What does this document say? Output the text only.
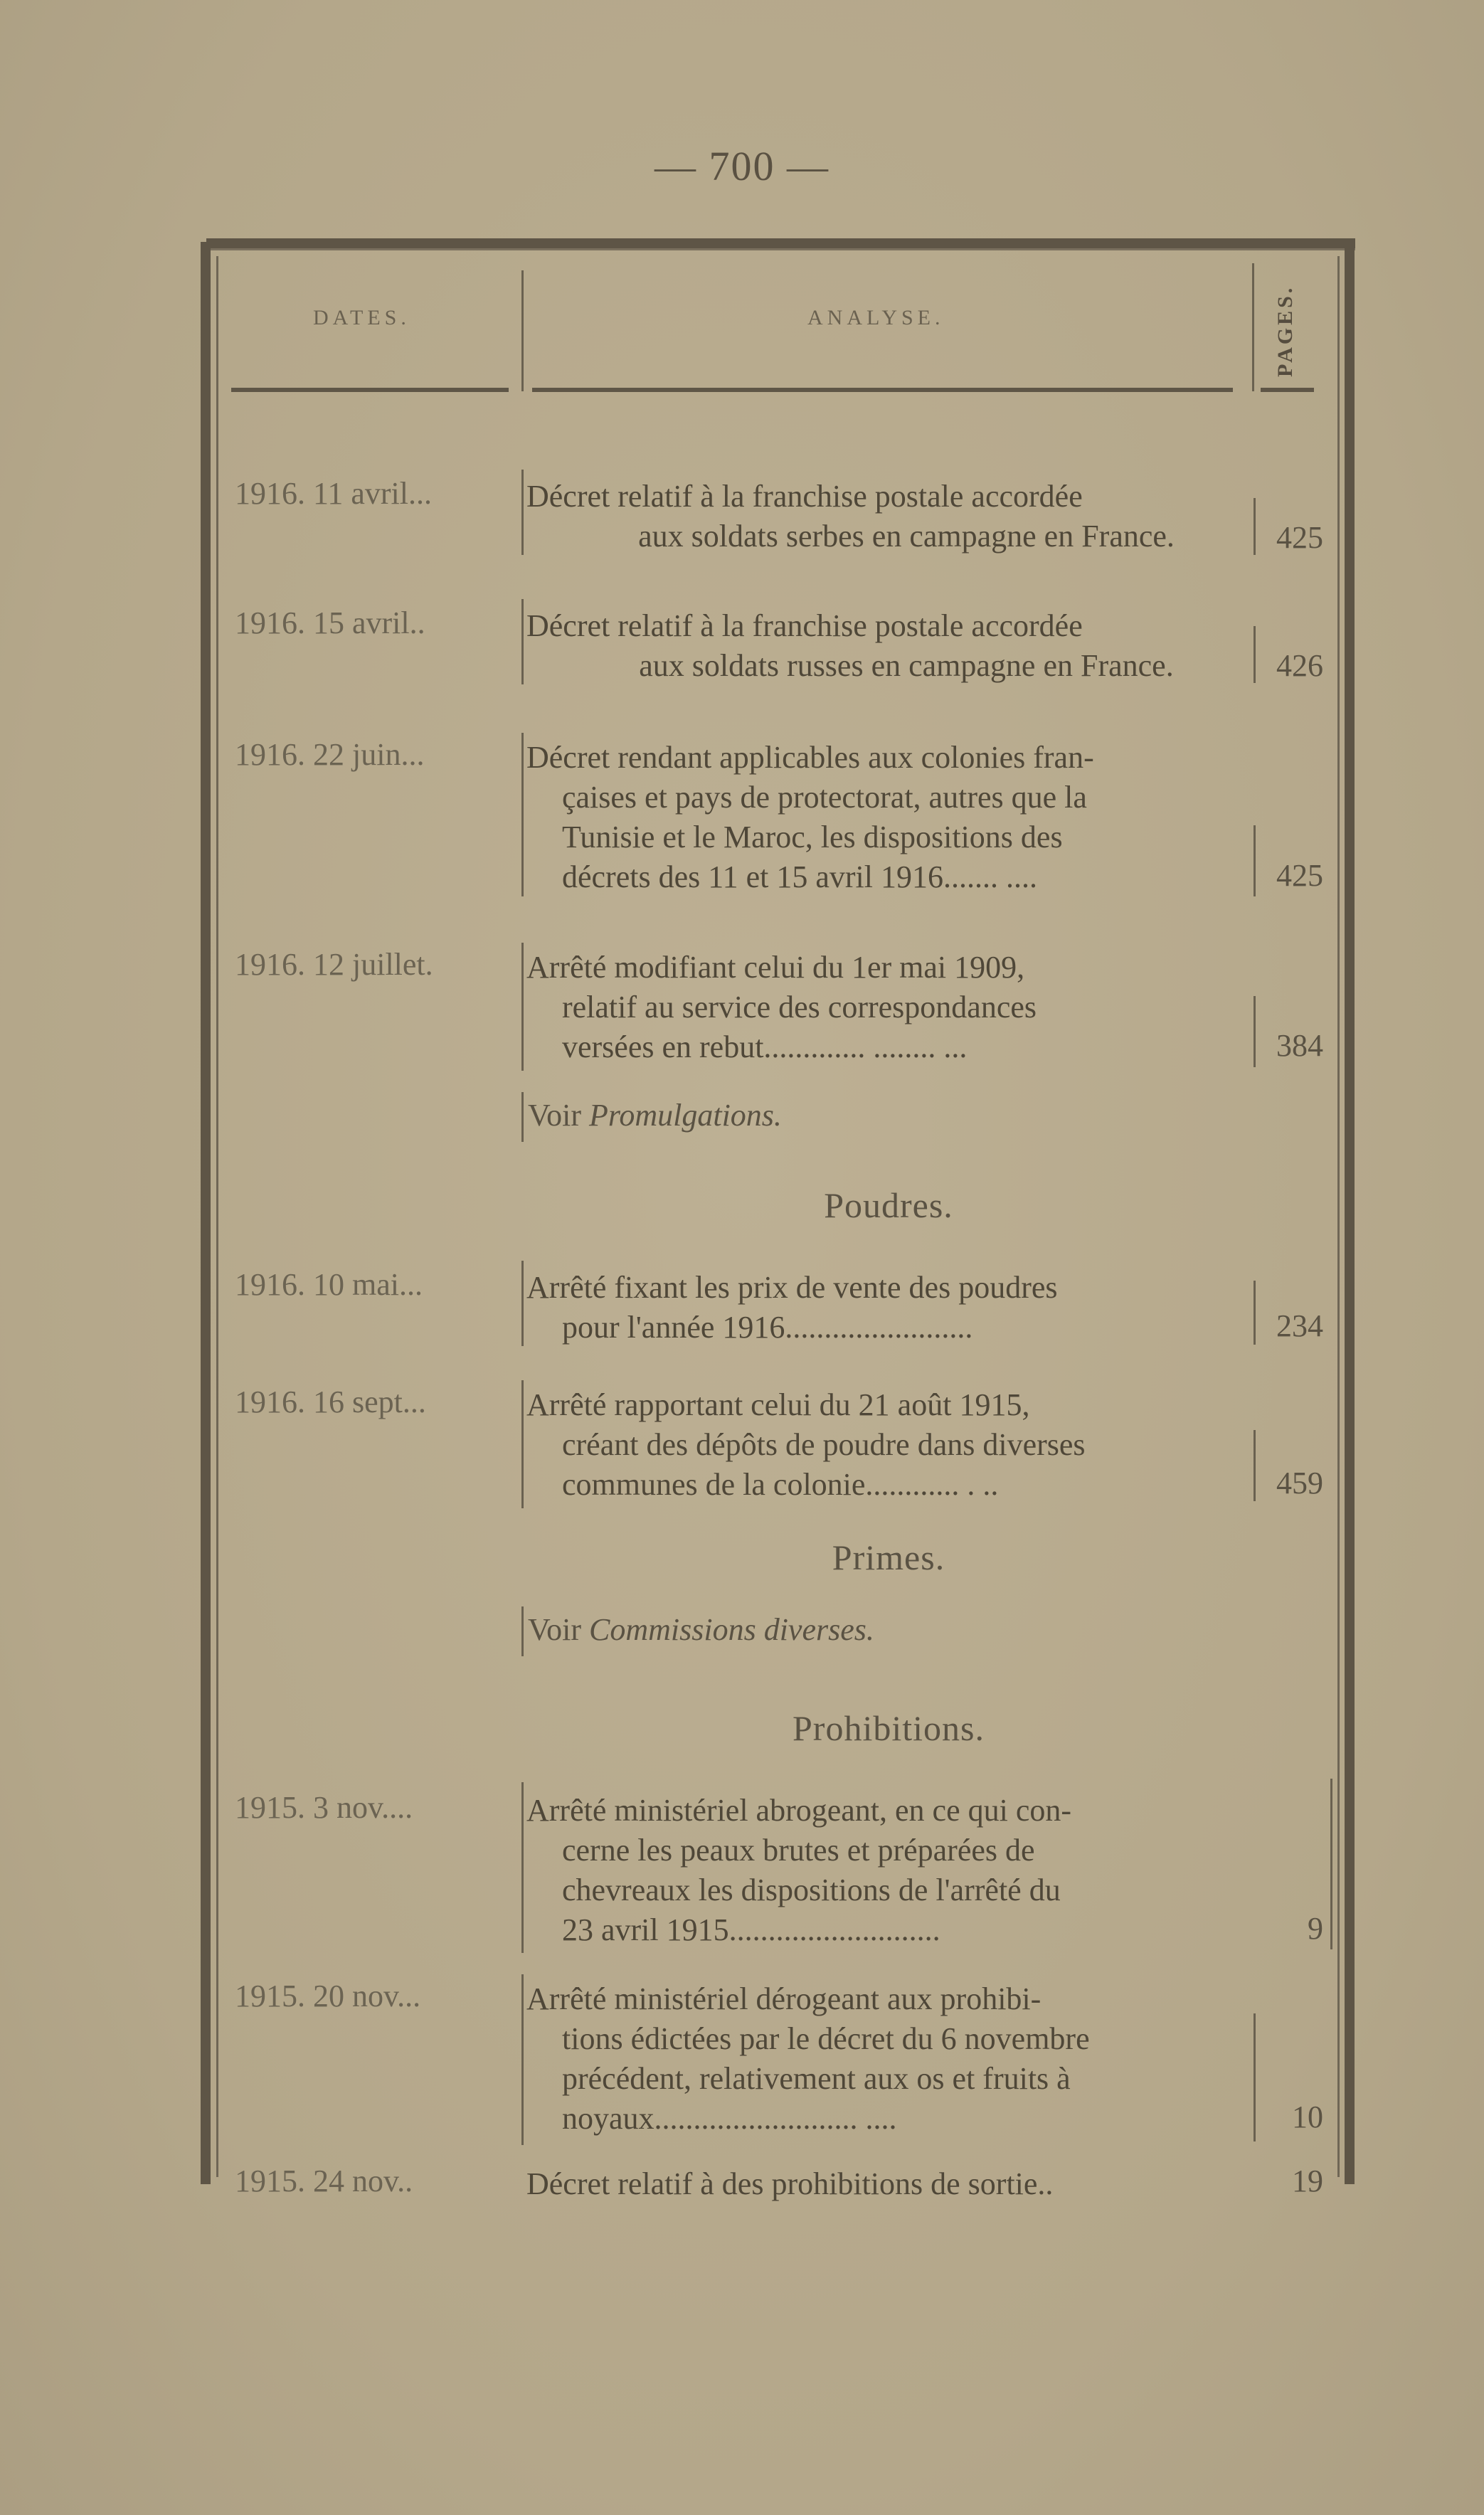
— 700 —
DATES.	ANALYSE.	PAGES.
1916. 11 avril...	Décret relatif à la franchise postale accordée
aux soldats serbes en campagne en France.	425
1916. 15 avril..	Décret relatif à la franchise postale accordée
aux soldats russes en campagne en France.	426
1916. 22 juin...	Décret rendant applicables aux colonies fran-
çaises et pays de protectorat, autres que la
Tunisie et le Maroc, les dispositions des
décrets des 11 et 15 avril 1916....... ....	425
1916. 12 juillet.	Arrêté modifiant celui du 1er mai 1909,
relatif au service des correspondances
versées en rebut............. ........ ...	384
Voir Promulgations.
Poudres.
1916. 10 mai...	Arrêté fixant les prix de vente des poudres
pour l'année 1916........................	234
1916. 16 sept...	Arrêté rapportant celui du 21 août 1915,
créant des dépôts de poudre dans diverses
communes de la colonie............ . ..	459
Primes.
Voir Commissions diverses.
Prohibitions.
1915. 3 nov....	Arrêté ministériel abrogeant, en ce qui con-
cerne les peaux brutes et préparées de
chevreaux les dispositions de l'arrêté du
23 avril 1915...........................	9
1915. 20 nov...	Arrêté ministériel dérogeant aux prohibi-
tions édictées par le décret du 6 novembre
précédent, relativement aux os et fruits à
noyaux.......................... ....	10
1915. 24 nov..	Décret relatif à des prohibitions de sortie..	19
